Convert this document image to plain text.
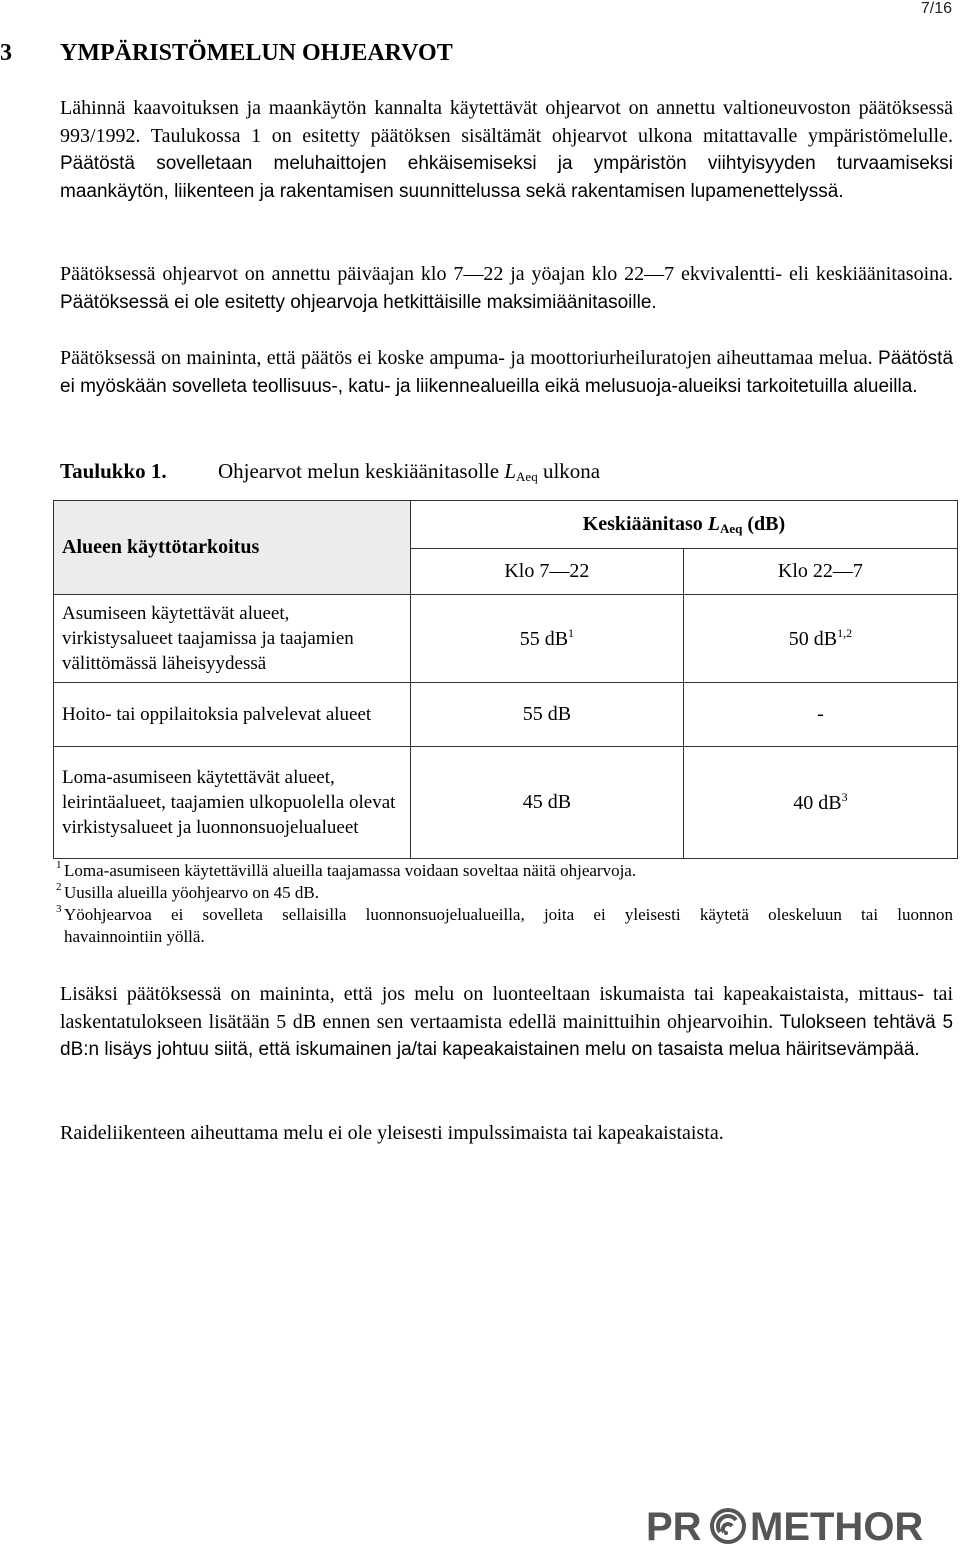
7/16
3 YMPÄRISTÖMELUN OHJEARVOT
Lähinnä kaavoituksen ja maankäytön kannalta käytettävät ohjearvot on annettu valtioneuvoston päätöksessä 993/1992. Taulukossa 1 on esitetty päätöksen sisältämät ohjearvot ulkona mitattavalle ympäristömelulle. Päätöstä sovelletaan meluhaittojen ehkäisemiseksi ja ympäristön viihtyisyyden turvaamiseksi maankäytön, liikenteen ja rakentamisen suunnittelussa sekä rakentamisen lupamenettelyssä.
Päätöksessä ohjearvot on annettu päiväajan klo 7—22 ja yöajan klo 22—7 ekvivalentti- eli keskiäänitasoina. Päätöksessä ei ole esitetty ohjearvoja hetkittäisille maksimiäänitasoille.
Päätöksessä on maininta, että päätös ei koske ampuma- ja moottoriurheiluratojen aiheuttamaa melua. Päätöstä ei myöskään sovelleta teollisuus-, katu- ja liikennealueilla eikä melusuoja-alueiksi tarkoitetuilla alueilla.
Taulukko 1. Ohjearvot melun keskiäänitasolle $L_{Aeq}$ ulkona
Alueen käyttötarkoitus	Keskiäänitaso $L_{Aeq}$ (dB)	
	Klo 7—22	Klo 22—7
Asumiseen käytettävät alueet, virkistysalueet taajamissa ja taajamien välittömässä läheisyydessä	55 $dB^1$	50 dB$^{1,2}$
Hoito- tai oppilaitoksia palvelevat alueet	55 dB	-
Loma-asumiseen käytettävät alueet, leirintäalueet, taajamien ulkopuolella olevat virkistysalueet ja luonnonsuojelualueet	45 dB	40 $dB^3$
1 Loma-asumiseen käytettävillä alueilla taajamassa voidaan soveltaa näitä ohjearvoja.
2 Uusilla alueilla yöohjearvo on 45 dB.
3 Yöohjearvoa ei sovelleta sellaisilla luonnonsuojelualueilla, joita ei yleisesti käytetä oleskeluun tai luonnon
havainnointiin yöllä.
Lisäksi päätöksessä on maininta, että jos melu on luonteeltaan iskumaista tai kapeakaistaista, mittaus- tai laskentatulokseen lisätään 5 dB ennen sen vertaamista edellä mainittuihin ohjearvoihin. Tulokseen tehtävä 5 dB:n lisäys johtuu siitä, että iskumainen ja/tai kapeakaistainen melu on tasaista melua häiritsevämpää.
Raideliikenteen aiheuttama melu ei ole yleisesti impulssimaista tai kapeakaistaista.
PR METHOR
